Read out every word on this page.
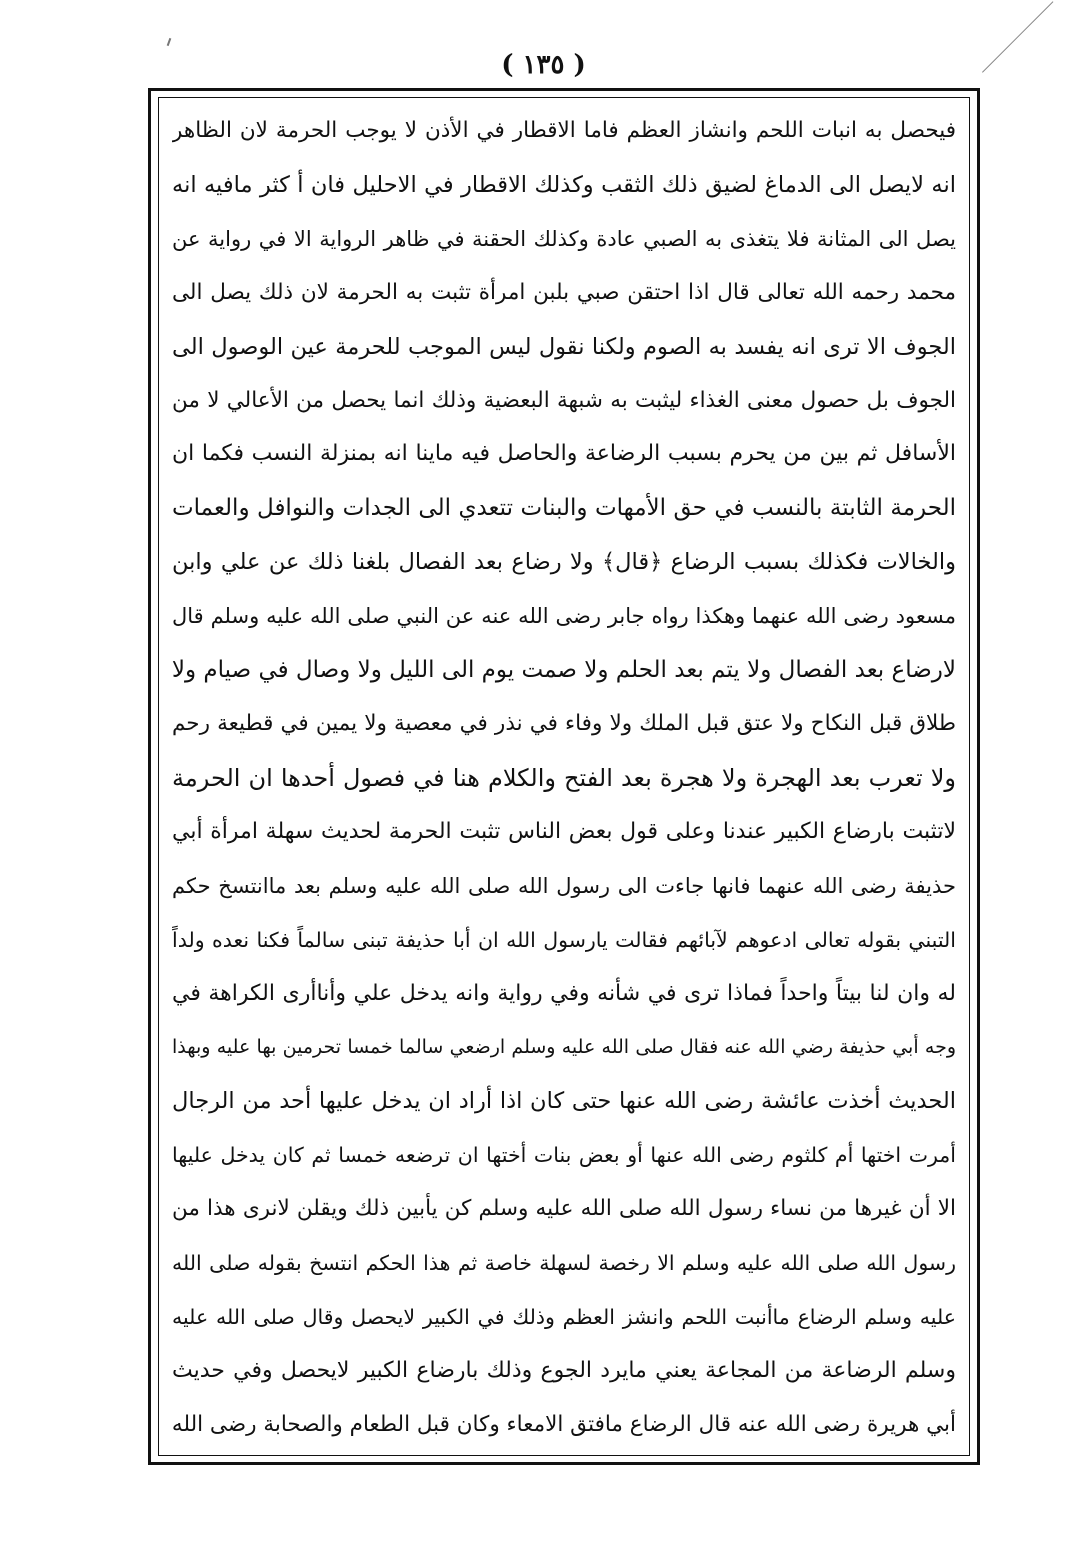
( ١٣٥ )
فيحصل به انبات اللحم وانشاز العظم فاما الاقطار في الأذن لا يوجب الحرمة لان الظاهر
انه لايصل الى الدماغ لضيق ذلك الثقب وكذلك الاقطار في الاحليل فان أ كثر مافيه انه
يصل الى المثانة فلا يتغذى به الصبي عادة وكذلك الحقنة في ظاهر الرواية الا في رواية عن
محمد رحمه الله تعالى قال اذا احتقن صبي بلبن امرأة تثبت به الحرمة لان ذلك يصل الى
الجوف الا ترى انه يفسد به الصوم ولكنا نقول ليس الموجب للحرمة عين الوصول الى
الجوف بل حصول معنى الغذاء ليثبت به شبهة البعضية وذلك انما يحصل من الأعالي لا من
الأسافل ثم بين من يحرم بسبب الرضاعة والحاصل فيه ماينا انه بمنزلة النسب فكما ان
الحرمة الثابتة بالنسب في حق الأمهات والبنات تتعدي الى الجدات والنوافل والعمات
والخالات فكذلك بسبب الرضاع ﴿قال﴾ ولا رضاع بعد الفصال بلغنا ذلك عن علي وابن
مسعود رضى الله عنهما وهكذا رواه جابر رضى الله عنه عن النبي صلى الله عليه وسلم قال
لارضاع بعد الفصال ولا يتم بعد الحلم ولا صمت يوم الى الليل ولا وصال في صيام ولا
طلاق قبل النكاح ولا عتق قبل الملك ولا وفاء في نذر في معصية ولا يمين في قطيعة رحم
ولا تعرب بعد الهجرة ولا هجرة بعد الفتح والكلام هنا في فصول أحدها ان الحرمة
لاتثبت بارضاع الكبير عندنا وعلى قول بعض الناس تثبت الحرمة لحديث سهلة امرأة أبي
حذيفة رضى الله عنهما فانها جاءت الى رسول الله صلى الله عليه وسلم بعد ماانتسخ حكم
التبني بقوله تعالى ادعوهم لآبائهم فقالت يارسول الله ان أبا حذيفة تبنى سالماً فكنا نعده ولداً
له وان لنا بيتاً واحداً فماذا ترى في شأنه وفي رواية وانه يدخل علي وأناأرى الكراهة في
وجه أبي حذيفة رضي الله عنه فقال صلى الله عليه وسلم ارضعي سالما خمسا تحرمين بها عليه وبهذا
الحديث أخذت عائشة رضى الله عنها حتى كان اذا أراد ان يدخل عليها أحد من الرجال
أمرت اختها أم كلثوم رضى الله عنها أو بعض بنات أختها ان ترضعه خمسا ثم كان يدخل عليها
الا أن غيرها من نساء رسول الله صلى الله عليه وسلم كن يأبين ذلك ويقلن لانرى هذا من
رسول الله صلى الله عليه وسلم الا رخصة لسهلة خاصة ثم هذا الحكم انتسخ بقوله صلى الله
عليه وسلم الرضاع ماأنبت اللحم وانشز العظم وذلك في الكبير لايحصل وقال صلى الله عليه
وسلم الرضاعة من المجاعة يعني مايرد الجوع وذلك بارضاع الكبير لايحصل وفي حديث
أبي هريرة رضى الله عنه قال الرضاع مافتق الامعاء وكان قبل الطعام والصحابة رضى الله
